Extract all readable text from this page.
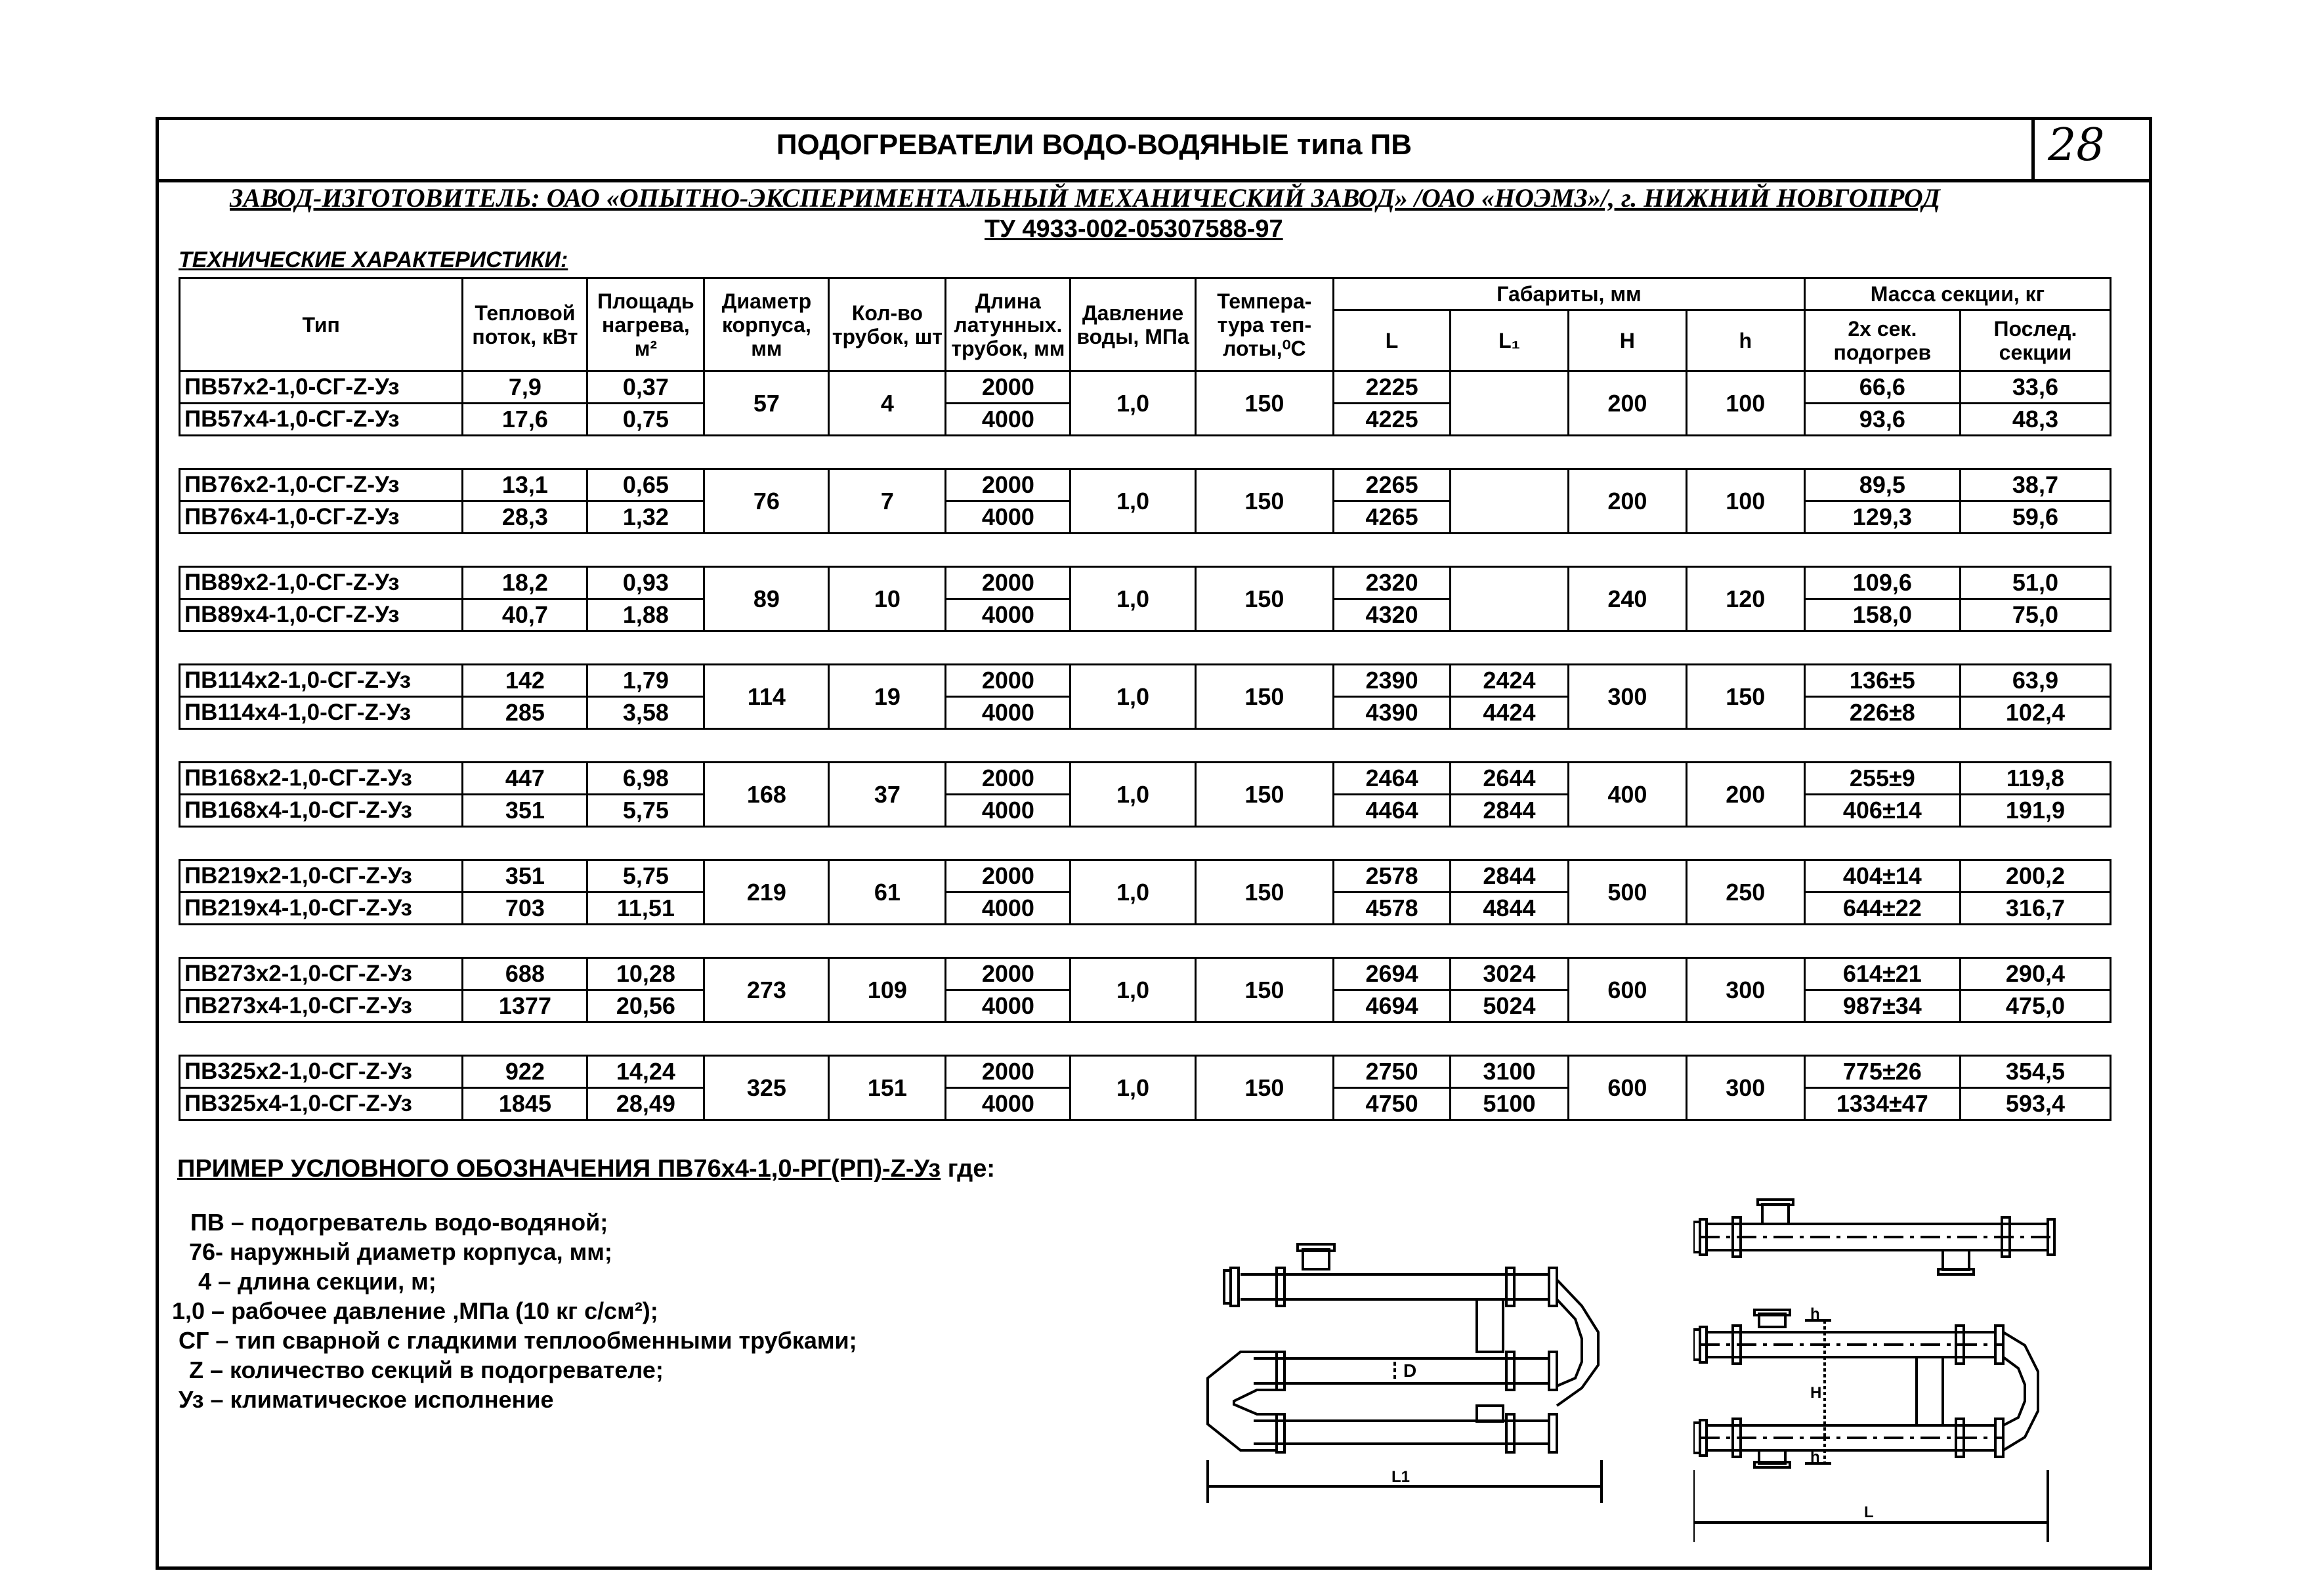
ПОДОГРЕВАТЕЛИ ВОДО-ВОДЯНЫЕ типа ПВ	28
ЗАВОД-ИЗГОТОВИТЕЛЬ: ОАО «ОПЫТНО-ЭКСПЕРИМЕНТАЛЬНЫЙ МЕХАНИЧЕСКИЙ ЗАВОД» /ОАО «НОЭМЗ»/, г. НИЖНИЙ НОВГОПРОД
ТУ 4933-002-05307588-97
ТЕХНИЧЕСКИЕ ХАРАКТЕРИСТИКИ:
Тип	Тепловой поток, кВт	Площадь нагрева, м²	Диаметр корпуса, мм	Кол-во трубок, шт	Длина латунных. трубок, мм	Давление воды, МПа	Темпера-тура теп-лоты,⁰С	Габариты, мм				Масса секции, кг	
								L	L₁	H	h	2х сек. подогрев	Послед. секции
ПВ57х2-1,0-СГ-Z-Уз	7,9	0,37	57	4	2000	1,0	150	2225		200	100	66,6	33,6
ПВ57х4-1,0-СГ-Z-Уз	17,6	0,75			4000			4225				93,6	48,3

ПВ76х2-1,0-СГ-Z-Уз	13,1	0,65	76	7	2000	1,0	150	2265		200	100	89,5	38,7
ПВ76х4-1,0-СГ-Z-Уз	28,3	1,32			4000			4265				129,3	59,6

ПВ89х2-1,0-СГ-Z-Уз	18,2	0,93	89	10	2000	1,0	150	2320		240	120	109,6	51,0
ПВ89х4-1,0-СГ-Z-Уз	40,7	1,88			4000			4320				158,0	75,0

ПВ114х2-1,0-СГ-Z-Уз	142	1,79	114	19	2000	1,0	150	2390	2424	300	150	136±5	63,9
ПВ114х4-1,0-СГ-Z-Уз	285	3,58			4000			4390	4424			226±8	102,4

ПВ168х2-1,0-СГ-Z-Уз	447	6,98	168	37	2000	1,0	150	2464	2644	400	200	255±9	119,8
ПВ168х4-1,0-СГ-Z-Уз	351	5,75			4000			4464	2844			406±14	191,9

ПВ219х2-1,0-СГ-Z-Уз	351	5,75	219	61	2000	1,0	150	2578	2844	500	250	404±14	200,2
ПВ219х4-1,0-СГ-Z-Уз	703	11,51			4000			4578	4844			644±22	316,7

ПВ273х2-1,0-СГ-Z-Уз	688	10,28	273	109	2000	1,0	150	2694	3024	600	300	614±21	290,4
ПВ273х4-1,0-СГ-Z-Уз	1377	20,56			4000			4694	5024			987±34	475,0

ПВ325х2-1,0-СГ-Z-Уз	922	14,24	325	151	2000	1,0	150	2750	3100	600	300	775±26	354,5
ПВ325х4-1,0-СГ-Z-Уз	1845	28,49			4000			4750	5100			1334±47	593,4
ПРИМЕР УСЛОВНОГО ОБОЗНАЧЕНИЯ ПВ76х4-1,0-РГ(РП)-Z-Уз где:
ПВ – подогреватель водо-водяной;
76- наружный диаметр корпуса, мм;
4 – длина секции, м;
1,0 – рабочее давление ,МПа (10 кг с/см²);
СГ – тип сварной с гладкими теплообменными трубками;
Z – количество секций в подогревателе;
Уз – климатическое исполнение
D
L1
h
H
h
L
